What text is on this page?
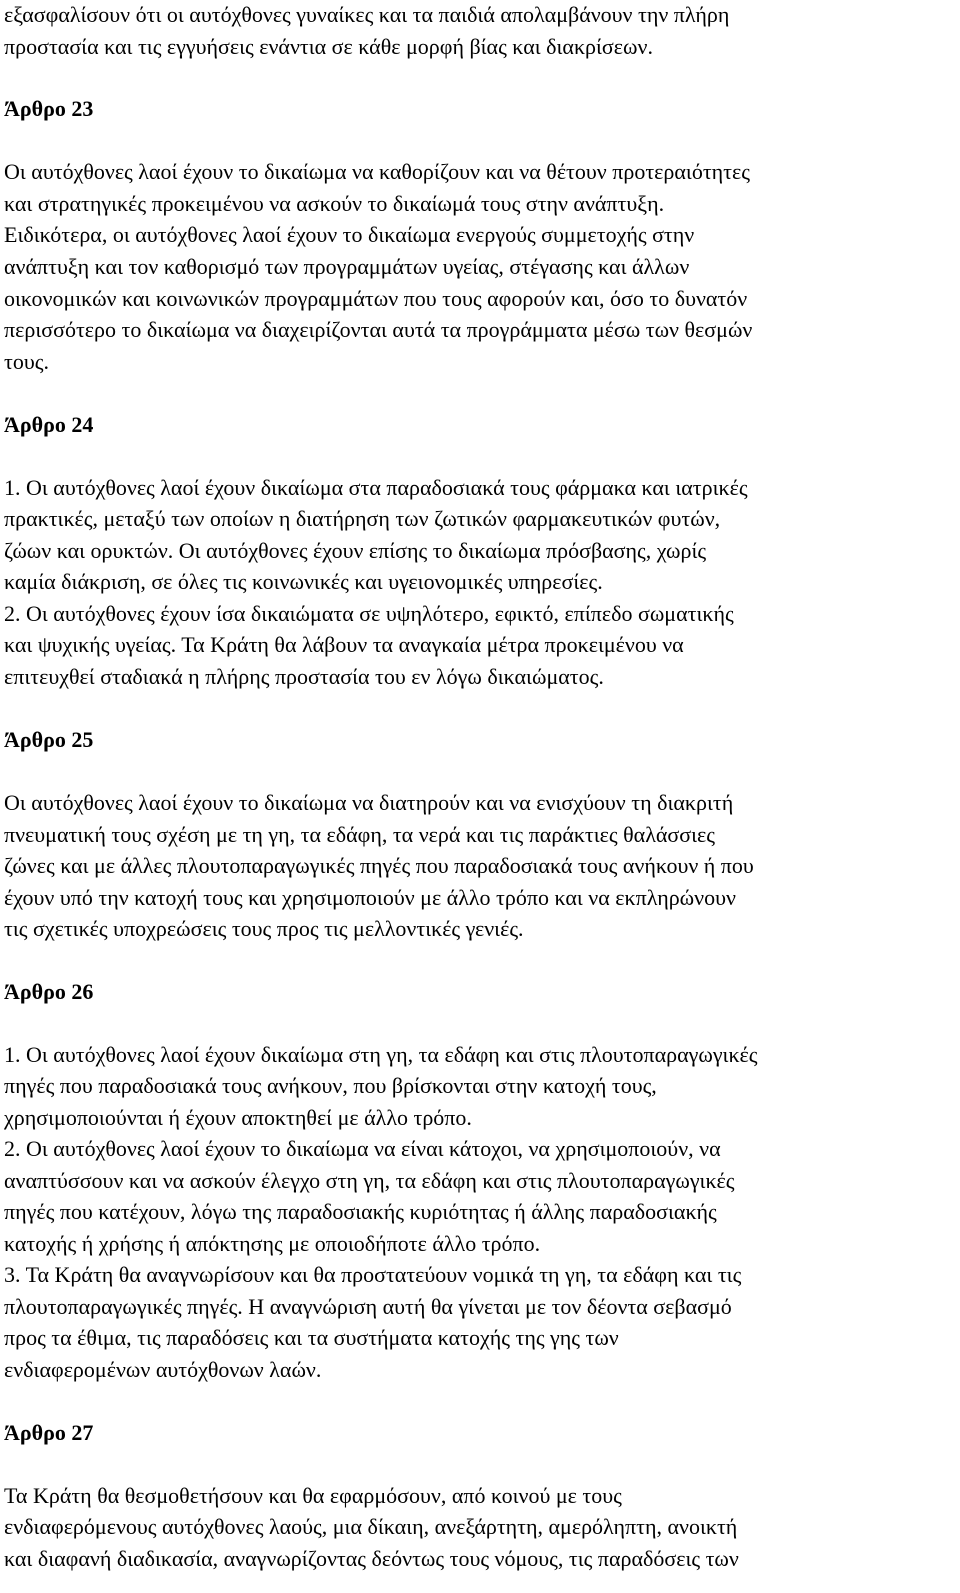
εξασφαλίσουν ότι οι αυτόχθονες γυναίκες και τα παιδιά απολαμβάνουν την πλήρη
προστασία και τις εγγυήσεις ενάντια σε κάθε μορφή βίας και διακρίσεων.
Άρθρο 23
Οι αυτόχθονες λαοί έχουν το δικαίωμα να καθορίζουν και να θέτουν προτεραιότητες
και στρατηγικές προκειμένου να ασκούν το δικαίωμά τους στην ανάπτυξη.
Ειδικότερα, οι αυτόχθονες λαοί έχουν το δικαίωμα ενεργούς συμμετοχής στην
ανάπτυξη και τον καθορισμό των προγραμμάτων υγείας, στέγασης και άλλων
οικονομικών και κοινωνικών προγραμμάτων που τους αφορούν και, όσο το δυνατόν
περισσότερο το δικαίωμα να διαχειρίζονται αυτά τα προγράμματα μέσω των θεσμών
τους.
Άρθρο 24
1. Οι αυτόχθονες λαοί έχουν δικαίωμα στα παραδοσιακά τους φάρμακα και ιατρικές
πρακτικές, μεταξύ των οποίων η διατήρηση των ζωτικών φαρμακευτικών φυτών,
ζώων και ορυκτών. Οι αυτόχθονες έχουν επίσης το δικαίωμα πρόσβασης, χωρίς
καμία διάκριση, σε όλες τις κοινωνικές και υγειονομικές υπηρεσίες.
2. Οι αυτόχθονες έχουν ίσα δικαιώματα σε υψηλότερο, εφικτό, επίπεδο σωματικής
και ψυχικής υγείας. Τα Κράτη θα λάβουν τα αναγκαία μέτρα προκειμένου να
επιτευχθεί σταδιακά η πλήρης προστασία του εν λόγω δικαιώματος.
Άρθρο 25
Οι αυτόχθονες λαοί έχουν το δικαίωμα να διατηρούν και να ενισχύουν τη διακριτή
πνευματική τους σχέση με τη γη, τα εδάφη, τα νερά και τις παράκτιες θαλάσσιες
ζώνες και με άλλες πλουτοπαραγωγικές πηγές που παραδοσιακά τους ανήκουν ή που
έχουν υπό την κατοχή τους και χρησιμοποιούν με άλλο τρόπο και να εκπληρώνουν
τις σχετικές υποχρεώσεις τους προς τις μελλοντικές γενιές.
Άρθρο 26
1. Οι αυτόχθονες λαοί έχουν δικαίωμα στη γη, τα εδάφη και στις πλουτοπαραγωγικές
πηγές που παραδοσιακά τους ανήκουν, που βρίσκονται στην κατοχή τους,
χρησιμοποιούνται ή έχουν αποκτηθεί με άλλο τρόπο.
2. Οι αυτόχθονες λαοί έχουν το δικαίωμα να είναι κάτοχοι, να χρησιμοποιούν, να
αναπτύσσουν και να ασκούν έλεγχο στη γη, τα εδάφη και στις πλουτοπαραγωγικές
πηγές που κατέχουν, λόγω της παραδοσιακής κυριότητας ή άλλης παραδοσιακής
κατοχής ή χρήσης ή απόκτησης με οποιοδήποτε άλλο τρόπο.
3. Τα Κράτη θα αναγνωρίσουν και θα προστατεύουν νομικά τη γη, τα εδάφη και τις
πλουτοπαραγωγικές πηγές. Η αναγνώριση αυτή θα γίνεται με τον δέοντα σεβασμό
προς τα έθιμα, τις παραδόσεις και τα συστήματα κατοχής της γης των
ενδιαφερομένων αυτόχθονων λαών.
Άρθρο 27
Τα Κράτη θα θεσμοθετήσουν και θα εφαρμόσουν, από κοινού με τους
ενδιαφερόμενους αυτόχθονες λαούς, μια δίκαιη, ανεξάρτητη, αμερόληπτη, ανοικτή
και διαφανή διαδικασία, αναγνωρίζοντας δεόντως τους νόμους, τις παραδόσεις των
